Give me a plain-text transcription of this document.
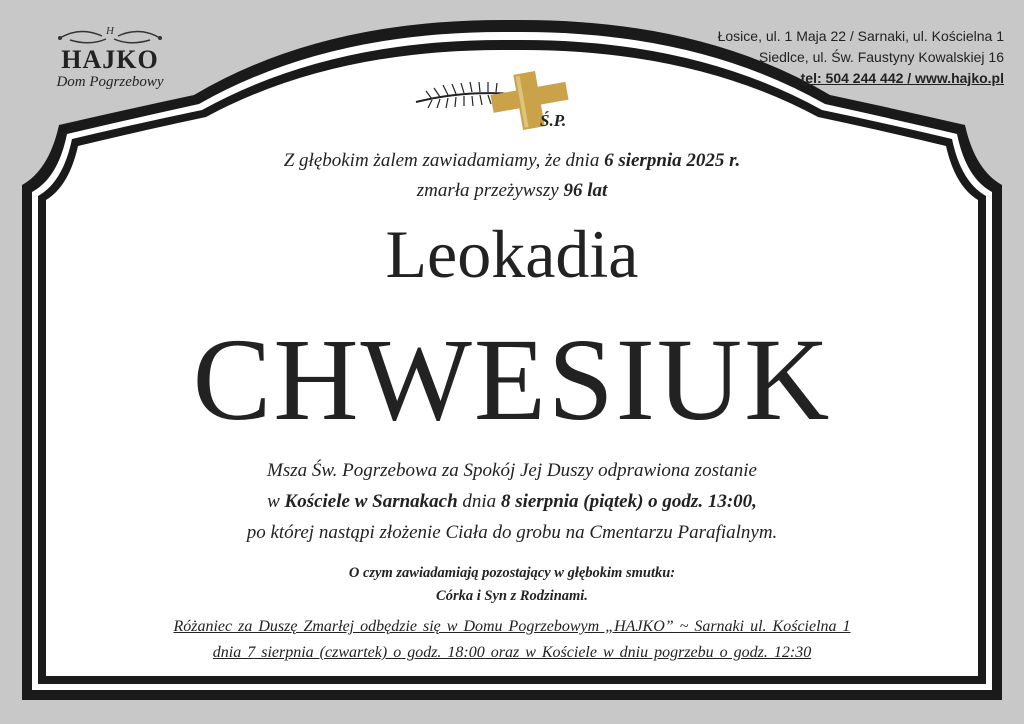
H
HAJKO
Dom Pogrzebowy
Łosice, ul. 1 Maja 22 / Sarnaki, ul. Kościelna 1
Siedlce, ul. Św. Faustyny Kowalskiej 16
tel: 504 244 442 / www.hajko.pl
Ś.P.
Z głębokim żalem zawiadamiamy, że dnia 6 sierpnia 2025 r.
zmarła przeżywszy 96 lat
Leokadia
CHWESIUK
Msza Św. Pogrzebowa za Spokój Jej Duszy odprawiona zostanie
w Kościele w Sarnakach dnia 8 sierpnia (piątek) o godz. 13:00,
po której nastąpi złożenie Ciała do grobu na Cmentarzu Parafialnym.
O czym zawiadamiają pozostający w głębokim smutku:
Córka i Syn z Rodzinami.
Różaniec za Duszę Zmarłej odbędzie się w Domu Pogrzebowym „HAJKO” ~ Sarnaki ul. Kościelna 1
dnia 7 sierpnia (czwartek) o godz. 18:00 oraz w Kościele w dniu pogrzebu o godz. 12:30
